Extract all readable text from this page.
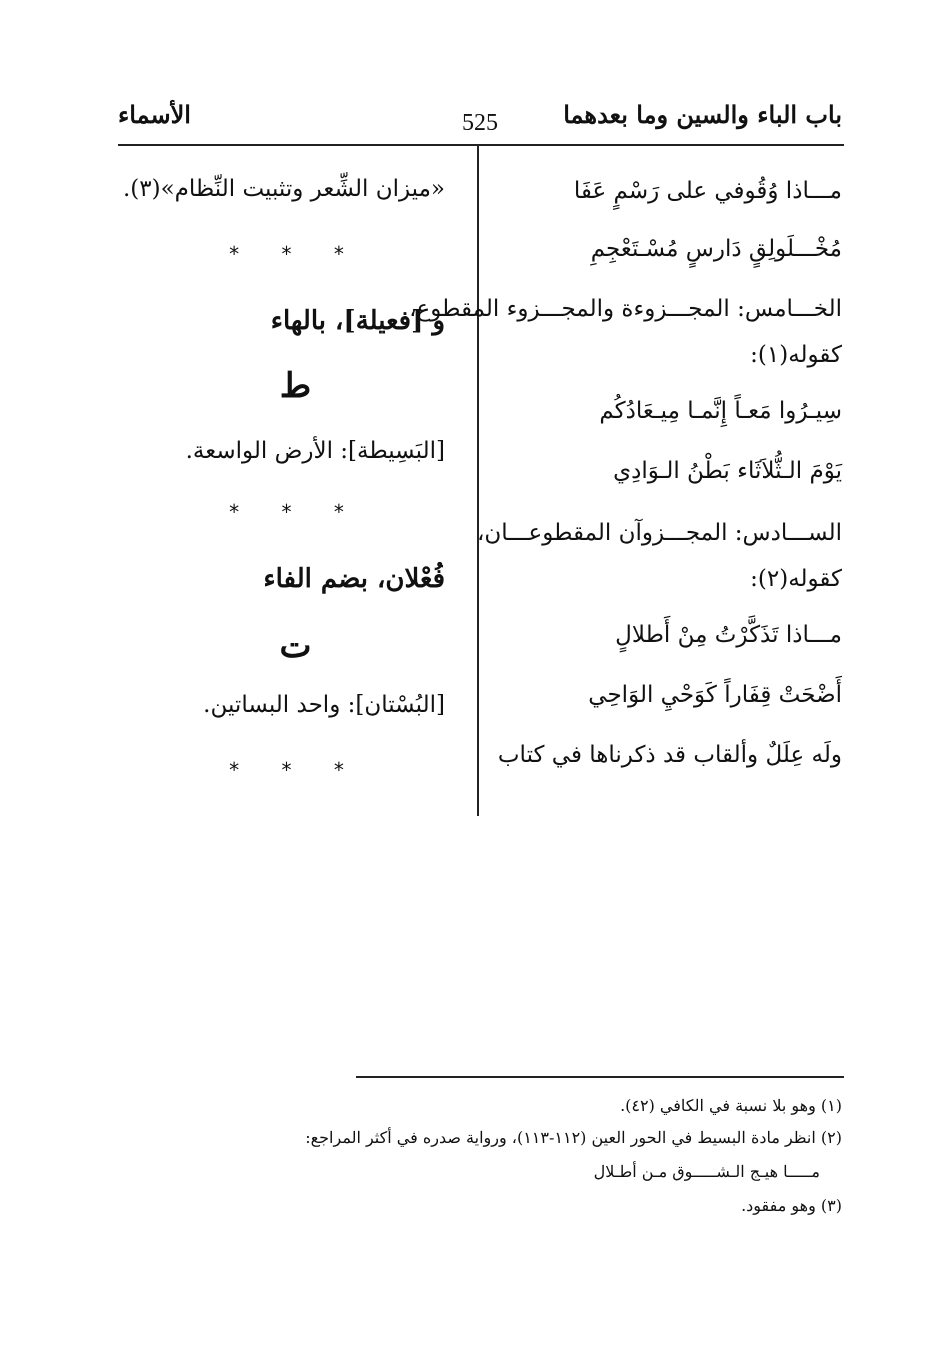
باب الباء والسين وما بعدهما
525
الأسماء
مـــاذا وُقُوفي على رَسْمٍ عَفَا
مُخْـــلَولِقٍ دَارسٍ مُسْـتَعْجِمِ
الخـــامس: المجـــزوءة والمجـــزوء المقطوع،
كقوله(١):
سِيـرُوا مَعـاً إِنَّمـا مِيـعَادُكُم
يَوْمَ الـثُّلاَثَاء بَطْنُ الـوَادِي
الســـادس: المجـــزوآن المقطوعـــان،
كقوله(٢):
مـــاذا تَذَكَّرْتُ مِنْ أَطلالٍ
أَضْحَتْ قِفَاراً كَوَحْيِ الوَاحِي
ولَه عِلَلٌ وألقاب قد ذكرناها في كتاب
«ميزان الشِّعر وتثبيت النِّظام»(٣).
* * *
و [فعيلة]، بالهاء
ط
[البَسِيطة]: الأرض الواسعة.
* * *
فُعْلان، بضم الفاء
ت
[البُسْتان]: واحد البساتين.
* * *
(١) وهو بلا نسبة في الكافي (٤٢).
(٢) انظر مادة البسيط في الحور العين (١١٢-١١٣)، ورواية صدره في أكثر المراجع:
مـــــا هيـج الـشـــــوق مـن أطـلال
(٣) وهو مفقود.
